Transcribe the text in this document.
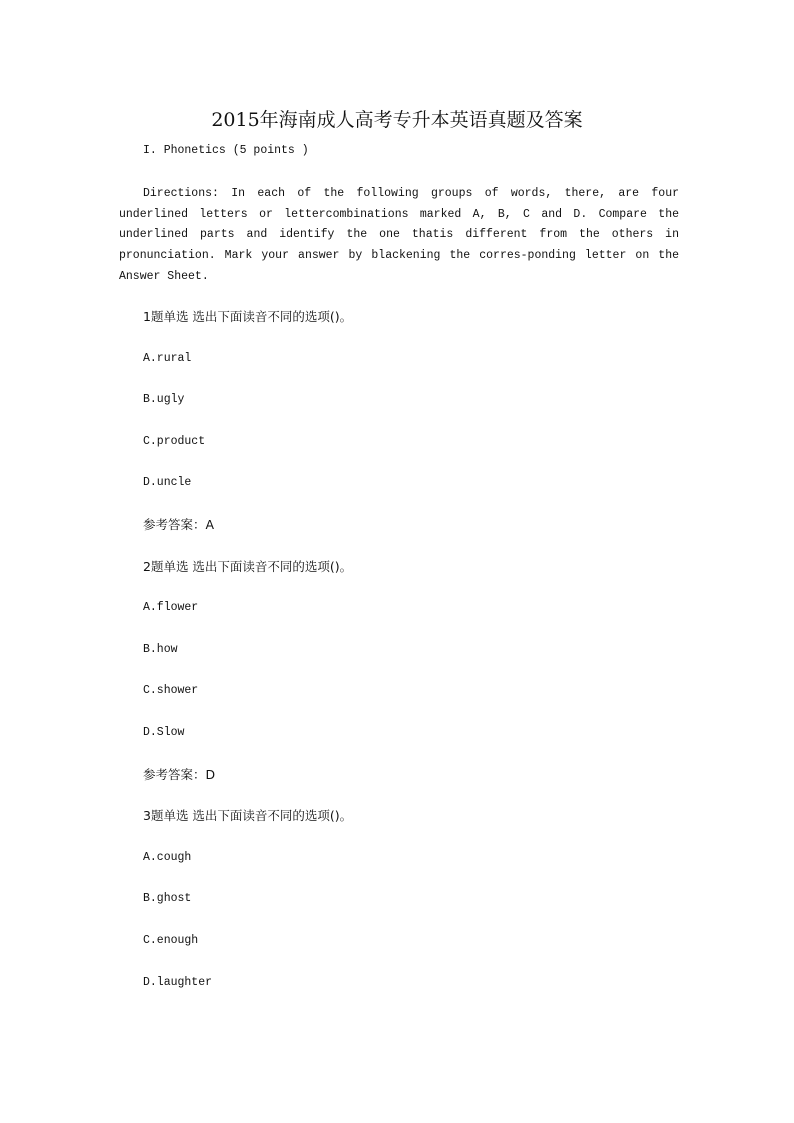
2015年海南成人高考专升本英语真题及答案
I. Phonetics (5 points )
Directions: In each of the following groups of words, there, are four underlined letters or lettercombinations marked A, B, C and D. Compare the underlined parts and identify the one thatis different from the others in pronunciation. Mark your answer by blackening the corres-ponding letter on the Answer Sheet.
1题单选 选出下面读音不同的选项()。
A.rural
B.ugly
C.product
D.uncle
参考答案：A
2题单选 选出下面读音不同的选项()。
A.flower
B.how
C.shower
D.Slow
参考答案：D
3题单选 选出下面读音不同的选项()。
A.cough
B.ghost
C.enough
D.laughter
